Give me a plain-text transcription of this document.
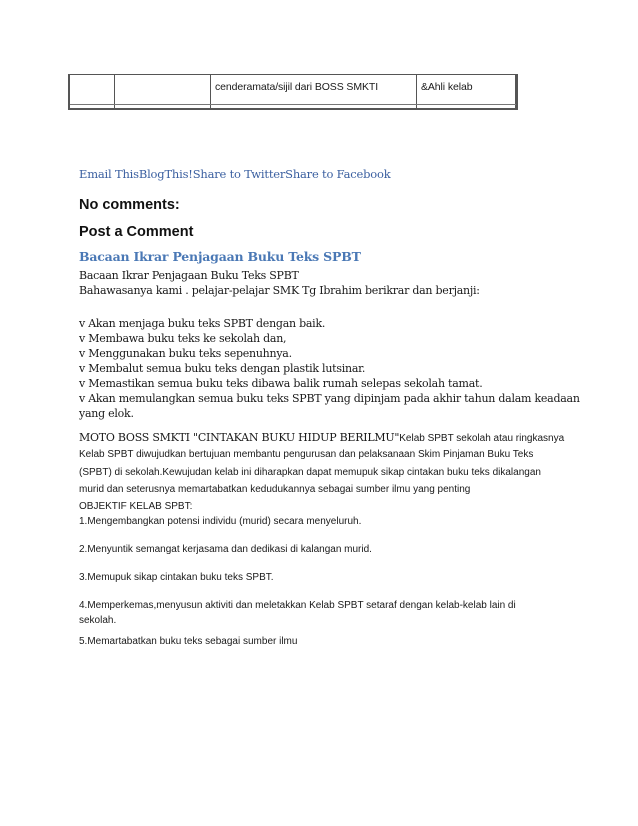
cenderamata/sijil dari BOSS SMKTI	&Ahli kelab
Email ThisBlogThis!Share to TwitterShare to Facebook
No comments:
Post a Comment
Bacaan Ikrar Penjagaan Buku Teks SPBT
Bacaan Ikrar Penjagaan Buku Teks SPBT
Bahawasanya kami . pelajar-pelajar SMK Tg Ibrahim berikrar dan berjanji:
v Akan menjaga buku teks SPBT dengan baik.
v Membawa buku teks ke sekolah dan,
v Menggunakan buku teks sepenuhnya.
v Membalut semua buku teks dengan plastik lutsinar.
v Memastikan semua buku teks dibawa balik rumah selepas sekolah tamat.
v Akan memulangkan semua buku teks SPBT yang dipinjam pada akhir tahun dalam keadaan
yang elok.
MOTO BOSS SMKTI "CINTAKAN BUKU HIDUP BERILMU"Kelab SPBT sekolah atau ringkasnya
Kelab SPBT diwujudkan bertujuan membantu pengurusan dan pelaksanaan Skim Pinjaman Buku Teks
(SPBT) di sekolah.Kewujudan kelab ini diharapkan dapat memupuk sikap cintakan buku teks dikalangan
murid dan seterusnya memartabatkan kedudukannya sebagai sumber ilmu yang penting
OBJEKTIF KELAB SPBT:
1.Mengembangkan potensi individu (murid) secara menyeluruh.
2.Menyuntik semangat kerjasama dan dedikasi di kalangan murid.
3.Memupuk sikap cintakan buku teks SPBT.
4.Memperkemas,menyusun aktiviti dan meletakkan Kelab SPBT setaraf dengan kelab-kelab lain di
sekolah.
5.Memartabatkan buku teks sebagai sumber ilmu
